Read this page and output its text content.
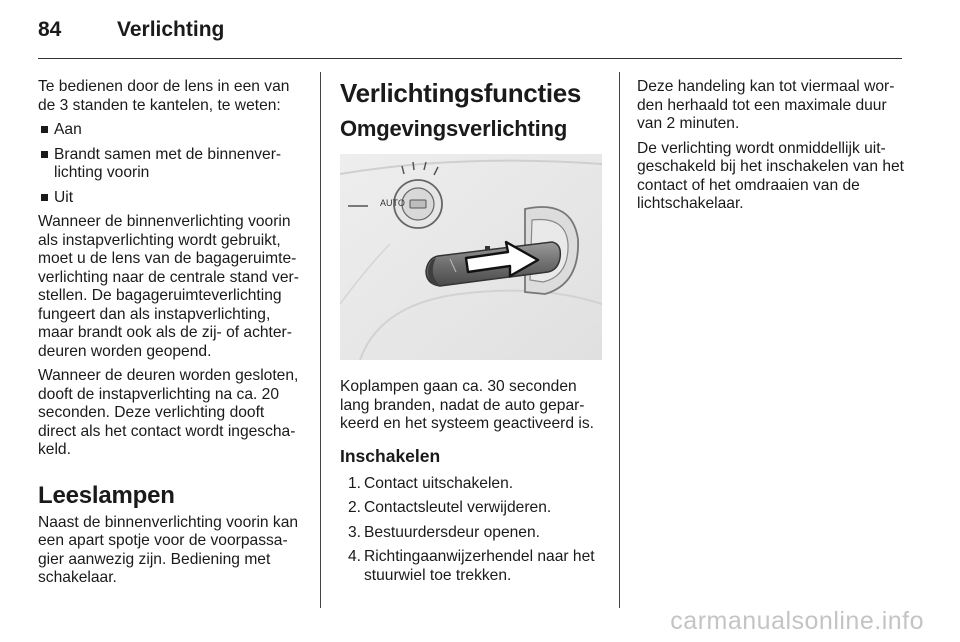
84	Verlichting

Te bedienen door de lens in een van de 3 standen te kantelen, te weten:

Aan
Brandt samen met de binnenver-lichting voorin
Uit

Wanneer de binnenverlichting voorin als instapverlichting wordt gebruikt, moet u de lens van de bagageruimte-verlichting naar de centrale stand ver-stellen. De bagageruimteverlichting fungeert dan als instapverlichting, maar brandt ook als de zij- of achter-deuren worden geopend.

Wanneer de deuren worden gesloten, dooft de instapverlichting na ca. 20 seconden. Deze verlichting dooft direct als het contact wordt ingescha-keld.

Leeslampen

Naast de binnenverlichting voorin kan een apart spotje voor de voorpassa-gier aanwezig zijn. Bediening met schakelaar.

Verlichtingsfuncties
Omgevingsverlichting
AUTO

Koplampen gaan ca. 30 seconden lang branden, nadat de auto gepar-keerd en het systeem geactiveerd is.

Inschakelen
1. Contact uitschakelen.
2. Contactsleutel verwijderen.
3. Bestuurdersdeur openen.
4. Richtingaanwijzerhendel naar het stuurwiel toe trekken.

Deze handeling kan tot viermaal wor-den herhaald tot een maximale duur van 2 minuten.

De verlichting wordt onmiddellijk uit-geschakeld bij het inschakelen van het contact of het omdraaien van de lichtschakelaar.

carmanualsonline.info
